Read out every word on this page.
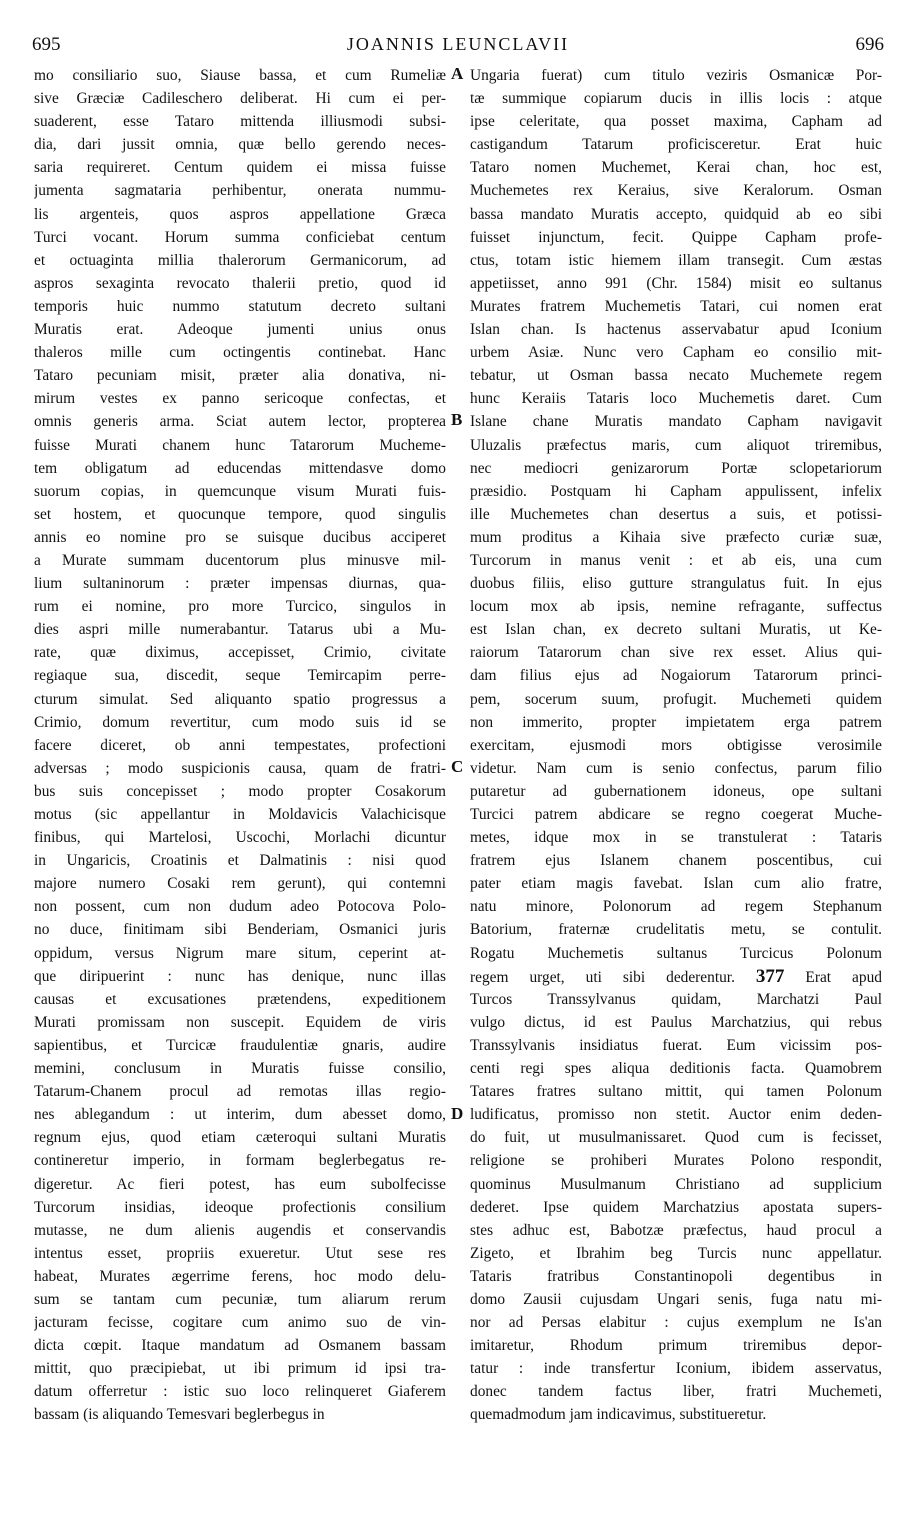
695	JOANNIS LEUNCLAVII	696
mo consiliario suo, Siause bassa, et cum Rumeliæ
sive Græciæ Cadileschero deliberat. Hi cum ei per-
suaderent, esse Tataro mittenda illiusmodi subsi-
dia, dari jussit omnia, quæ bello gerendo neces-
saria requireret. Centum quidem ei missa fuisse
jumenta sagmataria perhibentur, onerata nummu-
lis argenteis, quos aspros appellatione Græca
Turci vocant. Horum summa conficiebat centum
et octuaginta millia thalerorum Germanicorum, ad
aspros sexaginta revocato thalerii pretio, quod id
temporis huic nummo statutum decreto sultani
Muratis erat. Adeoque jumenti unius onus
thaleros mille cum octingentis continebat. Hanc
Tataro pecuniam misit, præter alia donativa, ni-
mirum vestes ex panno sericoque confectas, et
omnis generis arma. Sciat autem lector, propterea
fuisse Murati chanem hunc Tatarorum Mucheme-
tem obligatum ad educendas mittendasve domo
suorum copias, in quemcunque visum Murati fuis-
set hostem, et quocunque tempore, quod singulis
annis eo nomine pro se suisque ducibus acciperet
a Murate summam ducentorum plus minusve mil-
lium sultaninorum : præter impensas diurnas, qua-
rum ei nomine, pro more Turcico, singulos in
dies aspri mille numerabantur. Tatarus ubi a Mu-
rate, quæ diximus, accepisset, Crimio, civitate
regiaque sua, discedit, seque Temircapim perre-
cturum simulat. Sed aliquanto spatio progressus a
Crimio, domum revertitur, cum modo suis id se
facere diceret, ob anni tempestates, profectioni
adversas ; modo suspicionis causa, quam de fratri-
bus suis concepisset ; modo propter Cosakorum
motus (sic appellantur in Moldavicis Valachicisque
finibus, qui Martelosi, Uscochi, Morlachi dicuntur
in Ungaricis, Croatinis et Dalmatinis : nisi quod
majore numero Cosaki rem gerunt), qui contemni
non possent, cum non dudum adeo Potocova Polo-
no duce, finitimam sibi Benderiam, Osmanici juris
oppidum, versus Nigrum mare situm, ceperint at-
que diripuerint : nunc has denique, nunc illas
causas et excusationes prætendens, expeditionem
Murati promissam non suscepit. Equidem de viris
sapientibus, et Turcicæ fraudulentiæ gnaris, audire
memini, conclusum in Muratis fuisse consilio,
Tatarum-Chanem procul ad remotas illas regio-
nes ablegandum : ut interim, dum abesset domo,
regnum ejus, quod etiam cæteroqui sultani Muratis
contineretur imperio, in formam beglerbegatus re-
digeretur. Ac fieri potest, has eum subolfecisse
Turcorum insidias, ideoque profectionis consilium
mutasse, ne dum alienis augendis et conservandis
intentus esset, propriis exueretur. Utut sese res
habeat, Murates ægerrime ferens, hoc modo delu-
sum se tantam cum pecuniæ, tum aliarum rerum
jacturam fecisse, cogitare cum animo suo de vin-
dicta cœpit. Itaque mandatum ad Osmanem bassam
mittit, quo præcipiebat, ut ibi primum id ipsi tra-
datum offerretur : istic suo loco relinqueret Giaferem
bassam (is aliquando Temesvari beglerbegus in
Ungaria fuerat) cum titulo veziris Osmanicæ Por-
tæ summique copiarum ducis in illis locis : atque
ipse celeritate, qua posset maxima, Capham ad
castigandum Tatarum proficisceretur. Erat huic
Tataro nomen Muchemet, Kerai chan, hoc est,
Muchemetes rex Keraius, sive Keralorum. Osman
bassa mandato Muratis accepto, quidquid ab eo sibi
fuisset injunctum, fecit. Quippe Capham profe-
ctus, totam istic hiemem illam transegit. Cum æstas
appetiisset, anno 991 (Chr. 1584) misit eo sultanus
Murates fratrem Muchemetis Tatari, cui nomen erat
Islan chan. Is hactenus asservabatur apud Iconium
urbem Asiæ. Nunc vero Capham eo consilio mit-
tebatur, ut Osman bassa necato Muchemete regem
hunc Keraiis Tataris loco Muchemetis daret. Cum
Islane chane Muratis mandato Capham navigavit
Uluzalis præfectus maris, cum aliquot triremibus,
nec mediocri genizarorum Portæ sclopetariorum
præsidio. Postquam hi Capham appulissent, infelix
ille Muchemetes chan desertus a suis, et potissi-
mum proditus a Kihaia sive præfecto curiæ suæ,
Turcorum in manus venit : et ab eis, una cum
duobus filiis, eliso gutture strangulatus fuit. In ejus
locum mox ab ipsis, nemine refragante, suffectus
est Islan chan, ex decreto sultani Muratis, ut Ke-
raiorum Tatarorum chan sive rex esset. Alius qui-
dam filius ejus ad Nogaiorum Tatarorum princi-
pem, socerum suum, profugit. Muchemeti quidem
non immerito, propter impietatem erga patrem
exercitam, ejusmodi mors obtigisse verosimile
videtur. Nam cum is senio confectus, parum filio
putaretur ad gubernationem idoneus, ope sultani
Turcici patrem abdicare se regno coegerat Muche-
metes, idque mox in se transtulerat : Tataris
fratrem ejus Islanem chanem poscentibus, cui
pater etiam magis favebat. Islan cum alio fratre,
natu minore, Polonorum ad regem Stephanum
Batorium, fraternæ crudelitatis metu, se contulit.
Rogatu Muchemetis sultanus Turcicus Polonum
regem urget, uti sibi dederentur. 377 Erat apud
Turcos Transsylvanus quidam, Marchatzi Paul
vulgo dictus, id est Paulus Marchatzius, qui rebus
Transsylvanis insidiatus fuerat. Eum vicissim pos-
centi regi spes aliqua deditionis facta. Quamobrem
Tatares fratres sultano mittit, qui tamen Polonum
ludificatus, promisso non stetit. Auctor enim deden-
do fuit, ut musulmanissaret. Quod cum is fecisset,
religione se prohiberi Murates Polono respondit,
quominus Musulmanum Christiano ad supplicium
dederet. Ipse quidem Marchatzius apostata supers-
stes adhuc est, Babotzæ præfectus, haud procul a
Zigeto, et Ibrahim beg Turcis nunc appellatur.
Tataris fratribus Constantinopoli degentibus in
domo Zausii cujusdam Ungari senis, fuga natu mi-
nor ad Persas elabitur : cujus exemplum ne Is'an
imitaretur, Rhodum primum triremibus depor-
tatur : inde transfertur Iconium, ibidem asservatus,
donec tandem factus liber, fratri Muchemeti,
quemadmodum jam indicavimus, substitueretur.
A
B
C
D
